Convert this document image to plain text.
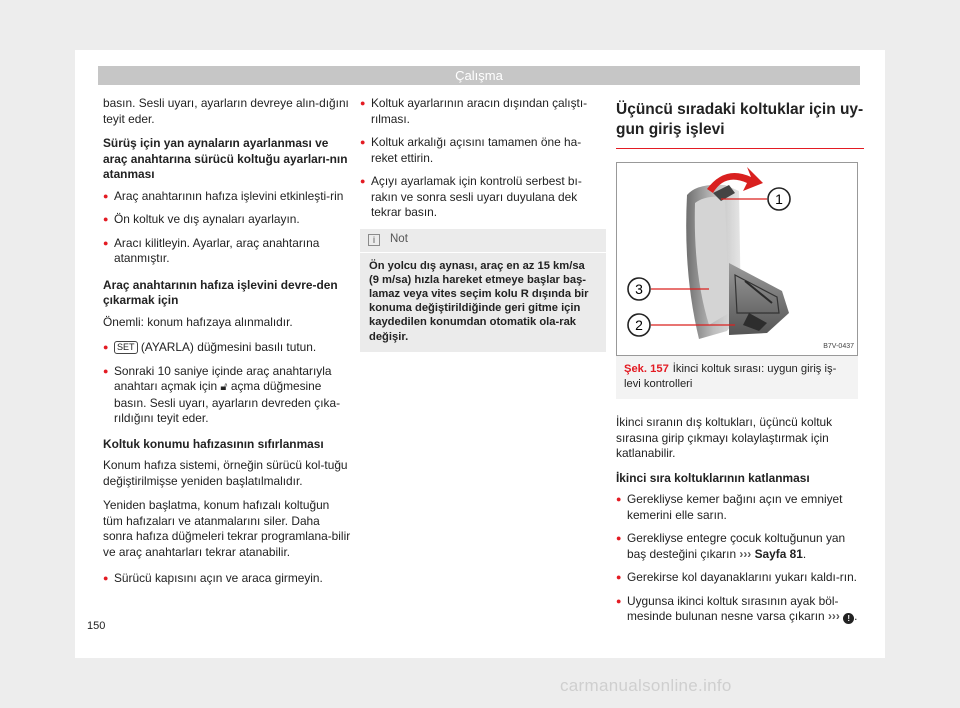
Çalışma

basın. Sesli uyarı, ayarların devreye alın-dığını teyit eder.

Sürüş için yan aynaların ayarlanması ve araç anahtarına sürücü koltuğu ayarları-nın atanması

● Araç anahtarının hafıza işlevini etkinleşti-rin
● Ön koltuk ve dış aynaları ayarlayın.
● Aracı kilitleyin. Ayarlar, araç anahtarına atanmıştır.

Araç anahtarının hafıza işlevini devre-den çıkarmak için

Önemli: konum hafızaya alınmalıdır.

● SET (AYARLA) düğmesini basılı tutun.
● Sonraki 10 saniye içinde araç anahtarıyla anahtarı açmak için 🔓︎ açma düğmesine basın. Sesli uyarı, ayarların devreden çıka-rıldığını teyit eder.

Koltuk konumu hafızasının sıfırlanması

Konum hafıza sistemi, örneğin sürücü kol-tuğu değiştirilmişse yeniden başlatılmalıdır.

Yeniden başlatma, konum hafızalı koltuğun tüm hafızaları ve atanmalarını siler. Daha sonra hafıza düğmeleri tekrar programlana-bilir ve araç anahtarları tekrar atanabilir.

● Sürücü kapısını açın ve araca girmeyin.
● Koltuk ayarlarının aracın dışından çalıştı-rılması.
● Koltuk arkalığı açısını tamamen öne ha-reket ettirin.
● Açıyı ayarlamak için kontrolü serbest bı-rakın ve sonra sesli uyarı duyulana dek tekrar basın.
i	Not
Ön yolcu dış aynası, araç en az 15 km/sa (9 m/sa) hızla hareket etmeye başlar baş-lamaz veya vites seçim kolu R dışında bir konuma değiştirildiğinde geri gitme için kaydedilen konumdan otomatik ola-rak değişir.
Üçüncü sıradaki koltuklar için uy-gun giriş işlevi
1
3
2
B7V-0437
Şek. 157 İkinci koltuk sırası: uygun giriş iş-levi kontrolleri

İkinci sıranın dış koltukları, üçüncü koltuk sırasına girip çıkmayı kolaylaştırmak için katlanabilir.

İkinci sıra koltuklarının katlanması

● Gerekliyse kemer bağını açın ve emniyet kemerini elle sarın.
● Gerekliyse entegre çocuk koltuğunun yan baş desteğini çıkarın ››› Sayfa 81.
● Gerekirse kol dayanaklarını yukarı kaldı-rın.
● Uygunsa ikinci koltuk sırasının ayak böl-mesinde bulunan nesne varsa çıkarın ››› ! .
150
carmanualsonline.info
